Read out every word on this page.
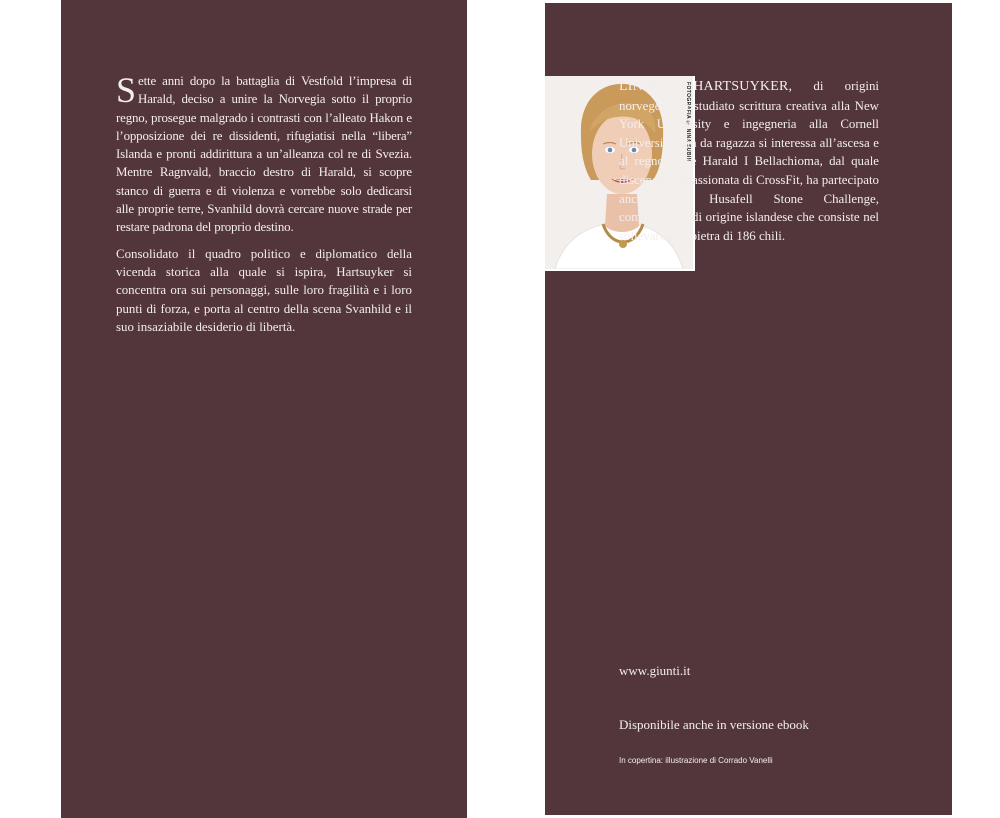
Sette anni dopo la battaglia di Vestfold l’impresa di Harald, deciso a unire la Norvegia sotto il proprio regno, prosegue malgrado i contrasti con l’alleato Hakon e l’opposizione dei re dissidenti, rifugiatisi nella “libera” Islanda e pronti addirittura a un’alleanza col re di Svezia. Mentre Ragnvald, braccio destro di Harald, si scopre stanco di guerra e di violenza e vorrebbe solo dedicarsi alle proprie terre, Svanhild dovrà cercare nuove strade per restare padrona del proprio destino.

Consolidato il quadro politico e diplomatico della vicenda storica alla quale si ispira, Hartsuyker si concentra ora sui personaggi, sulle loro fragilità e i loro punti di forza, e porta al centro della scena Svanhild e il suo insaziabile desiderio di libertà.

FOTOGRAFIA © NINA SUBIN
LINNEA HARTSUYKER, di origini norvegesi, ha studiato scrittura creativa alla New York University e ingegneria alla Cornell University. Fin da ragazza si interessa all’ascesa e al regno di re Harald I Bellachioma, dal quale discende. Appassionata di CrossFit, ha partecipato anche alla Husafell Stone Challenge, competizione di origine islandese che consiste nel sollevare una pietra di 186 chili.
www.giunti.it
Disponibile anche in versione ebook
In copertina: illustrazione di Corrado Vanelli
